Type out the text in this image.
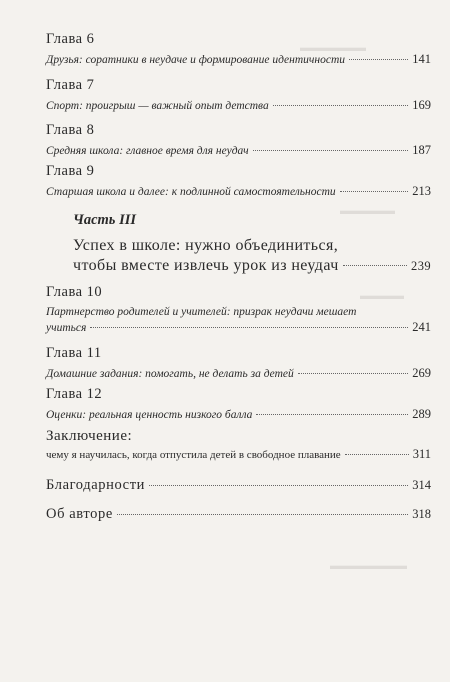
▬▬▬▬▬▬
▬▬▬▬▬
▬▬▬▬
▬▬▬▬▬▬▬
Глава 6
Друзья: соратники в неудаче и формирование идентичности	141
Глава 7
Спорт: проигрыш — важный опыт детства	169
Глава 8
Средняя школа: главное время для неудач	187
Глава 9
Старшая школа и далее: к подлинной самостоятельности	213
Часть III
Успех в школе: нужно объединиться,
чтобы вместе извлечь урок из неудач	239
Глава 10
Партнерство родителей и учителей: призрак неудачи мешает
учиться	241
Глава 11
Домашние задания: помогать, не делать за детей	269
Глава 12
Оценки: реальная ценность низкого балла	289
Заключение:
чему я научилась, когда отпустила детей в свободное плавание	311
Благодарности	314
Об авторе	318
